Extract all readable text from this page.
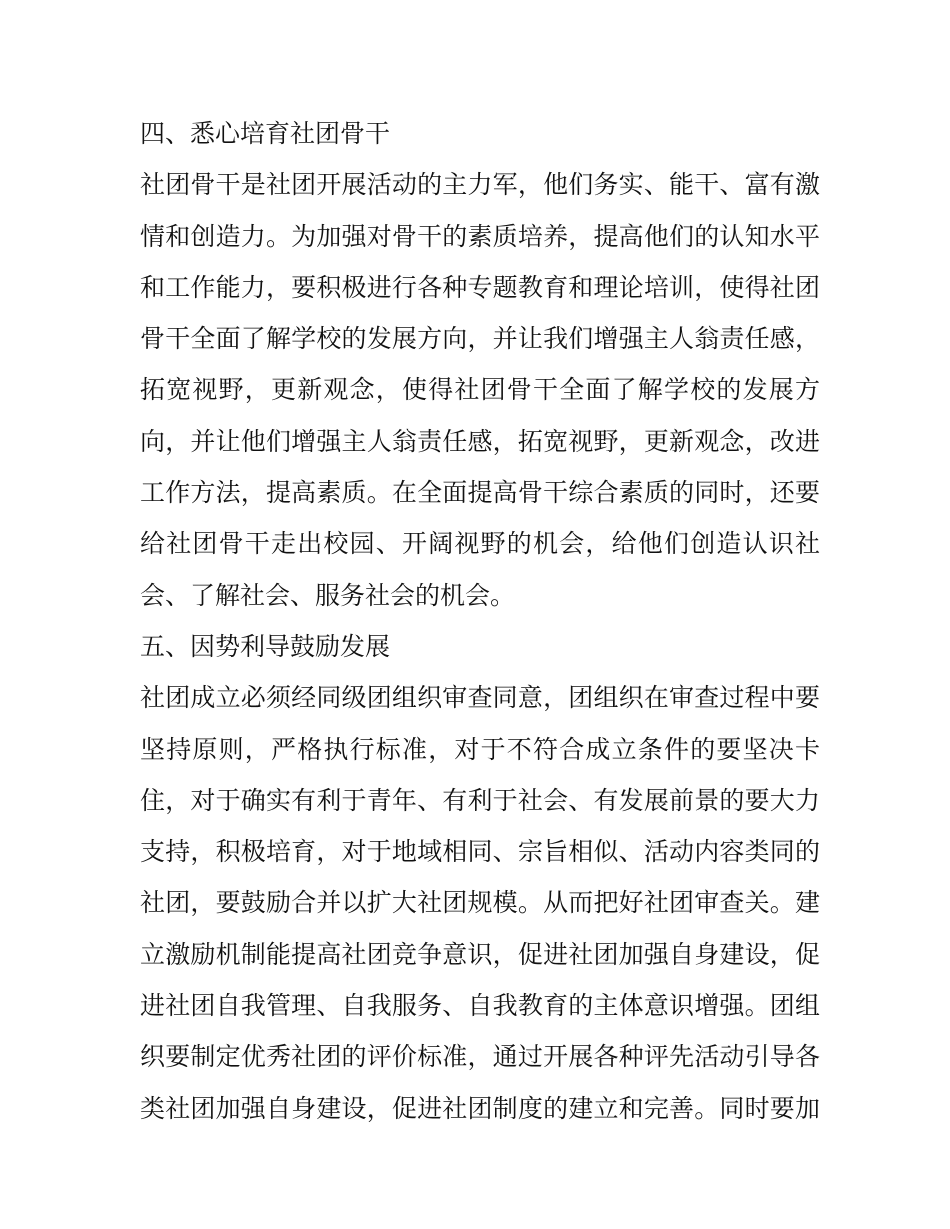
四、悉心培育社团骨干
社团骨干是社团开展活动的主力军，他们务实、能干、富有激
情和创造力。为加强对骨干的素质培养，提高他们的认知水平
和工作能力，要积极进行各种专题教育和理论培训，使得社团
骨干全面了解学校的发展方向，并让我们增强主人翁责任感，
拓宽视野，更新观念，使得社团骨干全面了解学校的发展方
向，并让他们增强主人翁责任感，拓宽视野，更新观念，改进
工作方法，提高素质。在全面提高骨干综合素质的同时，还要
给社团骨干走出校园、开阔视野的机会，给他们创造认识社
会、了解社会、服务社会的机会。
五、因势利导鼓励发展
社团成立必须经同级团组织审查同意，团组织在审查过程中要
坚持原则，严格执行标准，对于不符合成立条件的要坚决卡
住，对于确实有利于青年、有利于社会、有发展前景的要大力
支持，积极培育，对于地域相同、宗旨相似、活动内容类同的
社团，要鼓励合并以扩大社团规模。从而把好社团审查关。建
立激励机制能提高社团竞争意识，促进社团加强自身建设，促
进社团自我管理、自我服务、自我教育的主体意识增强。团组
织要制定优秀社团的评价标准，通过开展各种评先活动引导各
类社团加强自身建设，促进社团制度的建立和完善。同时要加
